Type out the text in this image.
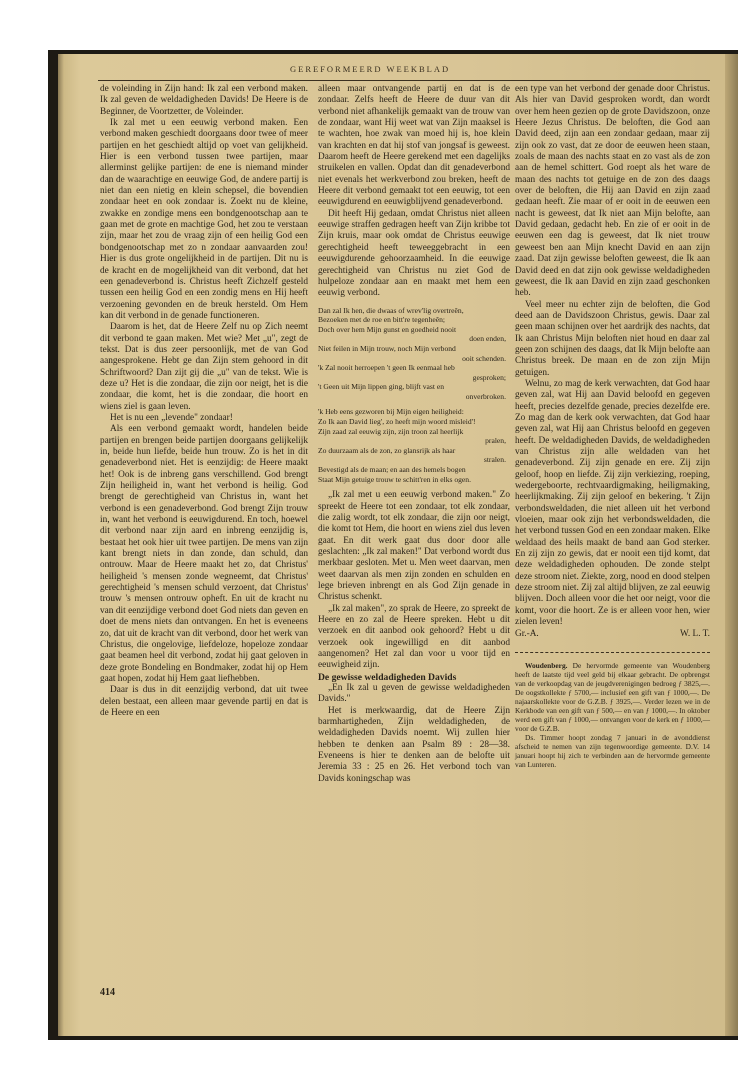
GEREFORMEERD WEEKBLAD

de voleinding in Zijn hand: Ik zal een verbond maken. Ik zal geven de weldadigheden Davids! De Heere is de Beginner, de Voortzetter, de Voleinder.

Ik zal met u een eeuwig verbond maken. Een verbond maken geschiedt doorgaans door twee of meer partijen en het geschiedt altijd op voet van gelijkheid. Hier is een verbond tussen twee partijen, maar allerminst gelijke partijen: de ene is niemand minder dan de waarachtige en eeuwige God, de andere partij is niet dan een nietig en klein schepsel, die bovendien zondaar heet en ook zondaar is. Zoekt nu de kleine, zwakke en zondige mens een bondgenootschap aan te gaan met de grote en machtige God, het zou te verstaan zijn, maar het zou de vraag zijn of een heilig God een bondgenootschap met zo n zondaar aanvaarden zou! Hier is dus grote ongelijkheid in de partijen. Dit nu is de kracht en de mogelijkheid van dit verbond, dat het een genadeverbond is. Christus heeft Zichzelf gesteld tussen een heilig God en een zondig mens en Hij heeft verzoening gevonden en de breuk hersteld. Om Hem kan dit verbond in de genade functioneren.

Daarom is het, dat de Heere Zelf nu op Zich neemt dit verbond te gaan maken. Met wie? Met „u", zegt de tekst. Dat is dus zeer persoonlijk, met de van God aangesprokene. Hebt ge dan Zijn stem gehoord in dit Schriftwoord? Dan zijt gij die „u" van de tekst. Wie is deze u? Het is die zondaar, die zijn oor neigt, het is die zondaar, die komt, het is die zondaar, die hoort en wiens ziel is gaan leven.

Het is nu een „levende" zondaar!

Als een verbond gemaakt wordt, handelen beide partijen en brengen beide partijen doorgaans gelijkelijk in, beide hun liefde, beide hun trouw. Zo is het in dit genadeverbond niet. Het is eenzijdig: de Heere maakt het! Ook is de inbreng gans verschillend. God brengt Zijn heiligheid in, want het verbond is heilig. God brengt de gerechtigheid van Christus in, want het verbond is een genadeverbond. God brengt Zijn trouw in, want het verbond is eeuwigdurend. En toch, hoewel dit verbond naar zijn aard en inbreng eenzijdig is, bestaat het ook hier uit twee partijen. De mens van zijn kant brengt niets in dan zonde, dan schuld, dan ontrouw. Maar de Heere maakt het zo, dat Christus' heiligheid 's mensen zonde wegneemt, dat Christus' gerechtigheid 's mensen schuld verzoent, dat Christus' trouw 's mensen ontrouw opheft. En uit de kracht nu van dit eenzijdige verbond doet God niets dan geven en doet de mens niets dan ontvangen. En het is eveneens zo, dat uit de kracht van dit verbond, door het werk van Christus, die ongelovige, liefdeloze, hopeloze zondaar gaat beamen heel dit verbond, zodat hij gaat geloven in deze grote Bondeling en Bondmaker, zodat hij op Hem gaat hopen, zodat hij Hem gaat liefhebben.

Daar is dus in dit eenzijdig verbond, dat uit twee delen bestaat, een alleen maar gevende partij en dat is de Heere en een

alleen maar ontvangende partij en dat is de zondaar. Zelfs heeft de Heere de duur van dit verbond niet afhankelijk gemaakt van de trouw van de zondaar, want Hij weet wat van Zijn maaksel is te wachten, hoe zwak van moed hij is, hoe klein van krachten en dat hij stof van jongsaf is geweest. Daarom heeft de Heere gerekend met een dagelijks struikelen en vallen. Opdat dan dit genadeverbond niet evenals het werkverbond zou breken, heeft de Heere dit verbond gemaakt tot een eeuwig, tot een eeuwigdurend en eeuwigblijvend genadeverbond.

Dit heeft Hij gedaan, omdat Christus niet alleen eeuwige straffen gedragen heeft van Zijn kribbe tot Zijn kruis, maar ook omdat de Christus eeuwige gerechtigheid heeft teweeggebracht in een eeuwigdurende gehoorzaamheid. In die eeuwige gerechtigheid van Christus nu ziet God de hulpeloze zondaar aan en maakt met hem een eeuwig verbond.

Dan zal Ik hen, die dwaas of wrev'lig overtreên,
Bezoeken met de roe en bitt're tegenheên;
Doch over hem Mijn gunst en goedheid nooit
doen enden,
Niet feilen in Mijn trouw, noch Mijn verbond
ooit schenden.
'k Zal nooit herroepen 't geen Ik eenmaal heb
gesproken;
't Geen uit Mijn lippen ging, blijft vast en
onverbroken.
'k Heb eens gezworen bij Mijn eigen heiligheid:
Zo Ik aan David lieg', zo heeft mijn woord misleid'!
Zijn zaad zal eeuwig zijn, zijn troon zal heerlijk
pralen,
Zo duurzaam als de zon, zo glansrijk als haar
stralen.
Bevestigd als de maan; en aan des hemels bogen
Staat Mijn getuige trouw te schitt'ren in elks ogen.

„Ik zal met u een eeuwig verbond maken." Zo spreekt de Heere tot een zondaar, tot elk zondaar, die zalig wordt, tot elk zondaar, die zijn oor neigt, die komt tot Hem, die hoort en wiens ziel dus leven gaat. En dit werk gaat dus door door alle geslachten: „Ik zal maken!" Dat verbond wordt dus merkbaar gesloten. Met u. Men weet daarvan, men weet daarvan als men zijn zonden en schulden en lege brieven inbrengt en als God Zijn genade in Christus schenkt.

„Ik zal maken", zo sprak de Heere, zo spreekt de Heere en zo zal de Heere spreken. Hebt u dit verzoek en dit aanbod ook gehoord? Hebt u dit verzoek ook ingewilligd en dit aanbod aangenomen? Het zal dan voor u voor tijd en eeuwigheid zijn.

De gewisse weldadigheden Davids

„En Ik zal u geven de gewisse weldadigheden Davids."

Het is merkwaardig, dat de Heere Zijn barmhartigheden, Zijn weldadigheden, de weldadigheden Davids noemt. Wij zullen hier hebben te denken aan Psalm 89 : 28—38. Eveneens is hier te denken aan de belofte uit Jeremia 33 : 25 en 26. Het verbond toch van Davids koningschap was

een type van het verbond der genade door Christus. Als hier van David gesproken wordt, dan wordt over hem heen gezien op de grote Davidszoon, onze Heere Jezus Christus. De beloften, die God aan David deed, zijn aan een zondaar gedaan, maar zij zijn ook zo vast, dat ze door de eeuwen heen staan, zoals de maan des nachts staat en zo vast als de zon aan de hemel schittert. God roept als het ware de maan des nachts tot getuige en de zon des daags over de beloften, die Hij aan David en zijn zaad gedaan heeft. Zie maar of er ooit in de eeuwen een nacht is geweest, dat Ik niet aan Mijn belofte, aan David gedaan, gedacht heb. En zie of er ooit in de eeuwen een dag is geweest, dat Ik niet trouw geweest ben aan Mijn knecht David en aan zijn zaad. Dat zijn gewisse beloften geweest, die Ik aan David deed en dat zijn ook gewisse weldadigheden geweest, die Ik aan David en zijn zaad geschonken heb.

Veel meer nu echter zijn de beloften, die God deed aan de Davidszoon Christus, gewis. Daar zal geen maan schijnen over het aardrijk des nachts, dat Ik aan Christus Mijn beloften niet houd en daar zal geen zon schijnen des daags, dat Ik Mijn belofte aan Christus breek. De maan en de zon zijn Mijn getuigen.

Welnu, zo mag de kerk verwachten, dat God haar geven zal, wat Hij aan David beloofd en gegeven heeft, precies dezelfde genade, precies dezelfde ere. Zo mag dan de kerk ook verwachten, dat God haar geven zal, wat Hij aan Christus beloofd en gegeven heeft. De weldadigheden Davids, de weldadigheden van Christus zijn alle weldaden van het genadeverbond. Zij zijn genade en ere. Zij zijn geloof, hoop en liefde. Zij zijn verkiezing, roeping, wedergeboorte, rechtvaardigmaking, heiligmaking, heerlijkmaking. Zij zijn geloof en bekering. 't Zijn verbondsweldaden, die niet alleen uit het verbond vloeien, maar ook zijn het verbondsweldaden, die het verbond tussen God en een zondaar maken. Elke weldaad des heils maakt de band aan God sterker. En zij zijn zo gewis, dat er nooit een tijd komt, dat deze weldadigheden ophouden. De zonde stelpt deze stroom niet. Ziekte, zorg, nood en dood stelpen deze stroom niet. Zij zal altijd blijven, ze zal eeuwig blijven. Doch alleen voor die het oor neigt, voor die komt, voor die hoort. Ze is er alleen voor hen, wier zielen leven!

Gr.-A.	W. L. T.

Woudenberg. De hervormde gemeente van Woudenberg heeft de laatste tijd veel geld bij elkaar gebracht. De opbrengst van de verkoopdag van de jeugdverenigingen bedroeg ƒ 3825,—. De oogstkollekte ƒ 5700,— inclusief een gift van ƒ 1000,—. De najaarskollekte voor de G.Z.B. ƒ 3925,—. Verder lezen we in de Kerkbode van een gift van ƒ 500,— en van ƒ 1000,—. In oktober werd een gift van ƒ 1000,— ontvangen voor de kerk en ƒ 1000,— voor de G.Z.B.

Ds. Timmer hoopt zondag 7 januari in de avonddienst afscheid te nemen van zijn tegenwoordige gemeente. D.V. 14 januari hoopt hij zich te verbinden aan de hervormde gemeente van Lunteren.

414
